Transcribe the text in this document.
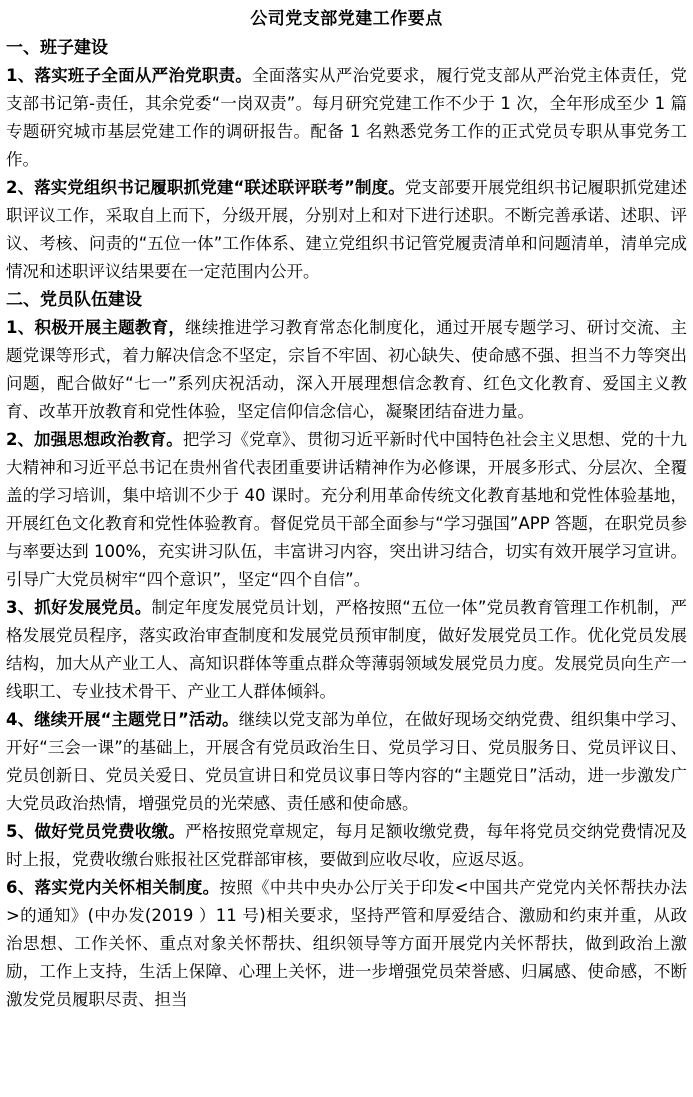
公司党支部党建工作要点
一、班子建设

1、落实班子全面从严治党职责。全面落实从严治党要求，履行党支部从严治党主体责任，党支部书记第-责任，其余党委“一岗双责”。每月研究党建工作不少于 1 次，全年形成至少 1 篇专题研究城市基层党建工作的调研报告。配备 1 名熟悉党务工作的正式党员专职从事党务工作。

2、落实党组织书记履职抓党建“联述联评联考”制度。党支部要开展党组织书记履职抓党建述职评议工作，采取自上而下，分级开展，分别对上和对下进行述职。不断完善承诺、述职、评议、考核、问责的“五位一体”工作体系、建立党组织书记管党履责清单和问题清单，清单完成情况和述职评议结果要在一定范围内公开。

二、党员队伍建设

1、积极开展主题教育，继续推进学习教育常态化制度化，通过开展专题学习、研讨交流、主题党课等形式，着力解决信念不坚定，宗旨不牢固、初心缺失、使命感不强、担当不力等突出问题，配合做好“七一”系列庆祝活动，深入开展理想信念教育、红色文化教育、爱国主义教育、改革开放教育和党性体验，坚定信仰信念信心，凝聚团结奋进力量。

2、加强思想政治教育。把学习《党章》、贯彻习近平新时代中国特色社会主义思想、党的十九大精神和习近平总书记在贵州省代表团重要讲话精神作为必修课，开展多形式、分层次、全覆盖的学习培训，集中培训不少于 40 课时。充分利用革命传统文化教育基地和党性体验基地，开展红色文化教育和党性体验教育。督促党员干部全面参与“学习强国”APP 答题，在职党员参与率要达到 100%，充实讲习队伍，丰富讲习内容，突出讲习结合，切实有效开展学习宣讲。引导广大党员树牢“四个意识”，坚定“四个自信”。

3、抓好发展党员。制定年度发展党员计划，严格按照“五位一体”党员教育管理工作机制，严格发展党员程序，落实政治审查制度和发展党员预审制度，做好发展党员工作。优化党员发展结构，加大从产业工人、高知识群体等重点群众等薄弱领域发展党员力度。发展党员向生产一线职工、专业技术骨干、产业工人群体倾斜。

4、继续开展“主题党日”活动。继续以党支部为单位，在做好现场交纳党费、组织集中学习、开好“三会一课”的基础上，开展含有党员政治生日、党员学习日、党员服务日、党员评议日、党员创新日、党员关爱日、党员宣讲日和党员议事日等内容的“主题党日”活动，进一步激发广大党员政治热情，增强党员的光荣感、责任感和使命感。

5、做好党员党费收缴。严格按照党章规定，每月足额收缴党费，每年将党员交纳党费情况及时上报，党费收缴台账报社区党群部审核，要做到应收尽收，应返尽返。

6、落实党内关怀相关制度。按照《中共中央办公厅关于印发<中国共产党党内关怀帮扶办法>的通知》(中办发(2019 ）11 号)相关要求，坚持严管和厚爱结合、激励和约束并重，从政治思想、工作关怀、重点对象关怀帮扶、组织领导等方面开展党内关怀帮扶，做到政治上激励，工作上支持，生活上保障、心理上关怀，进一步增强党员荣誉感、归属感、使命感，不断激发党员履职尽责、担当
